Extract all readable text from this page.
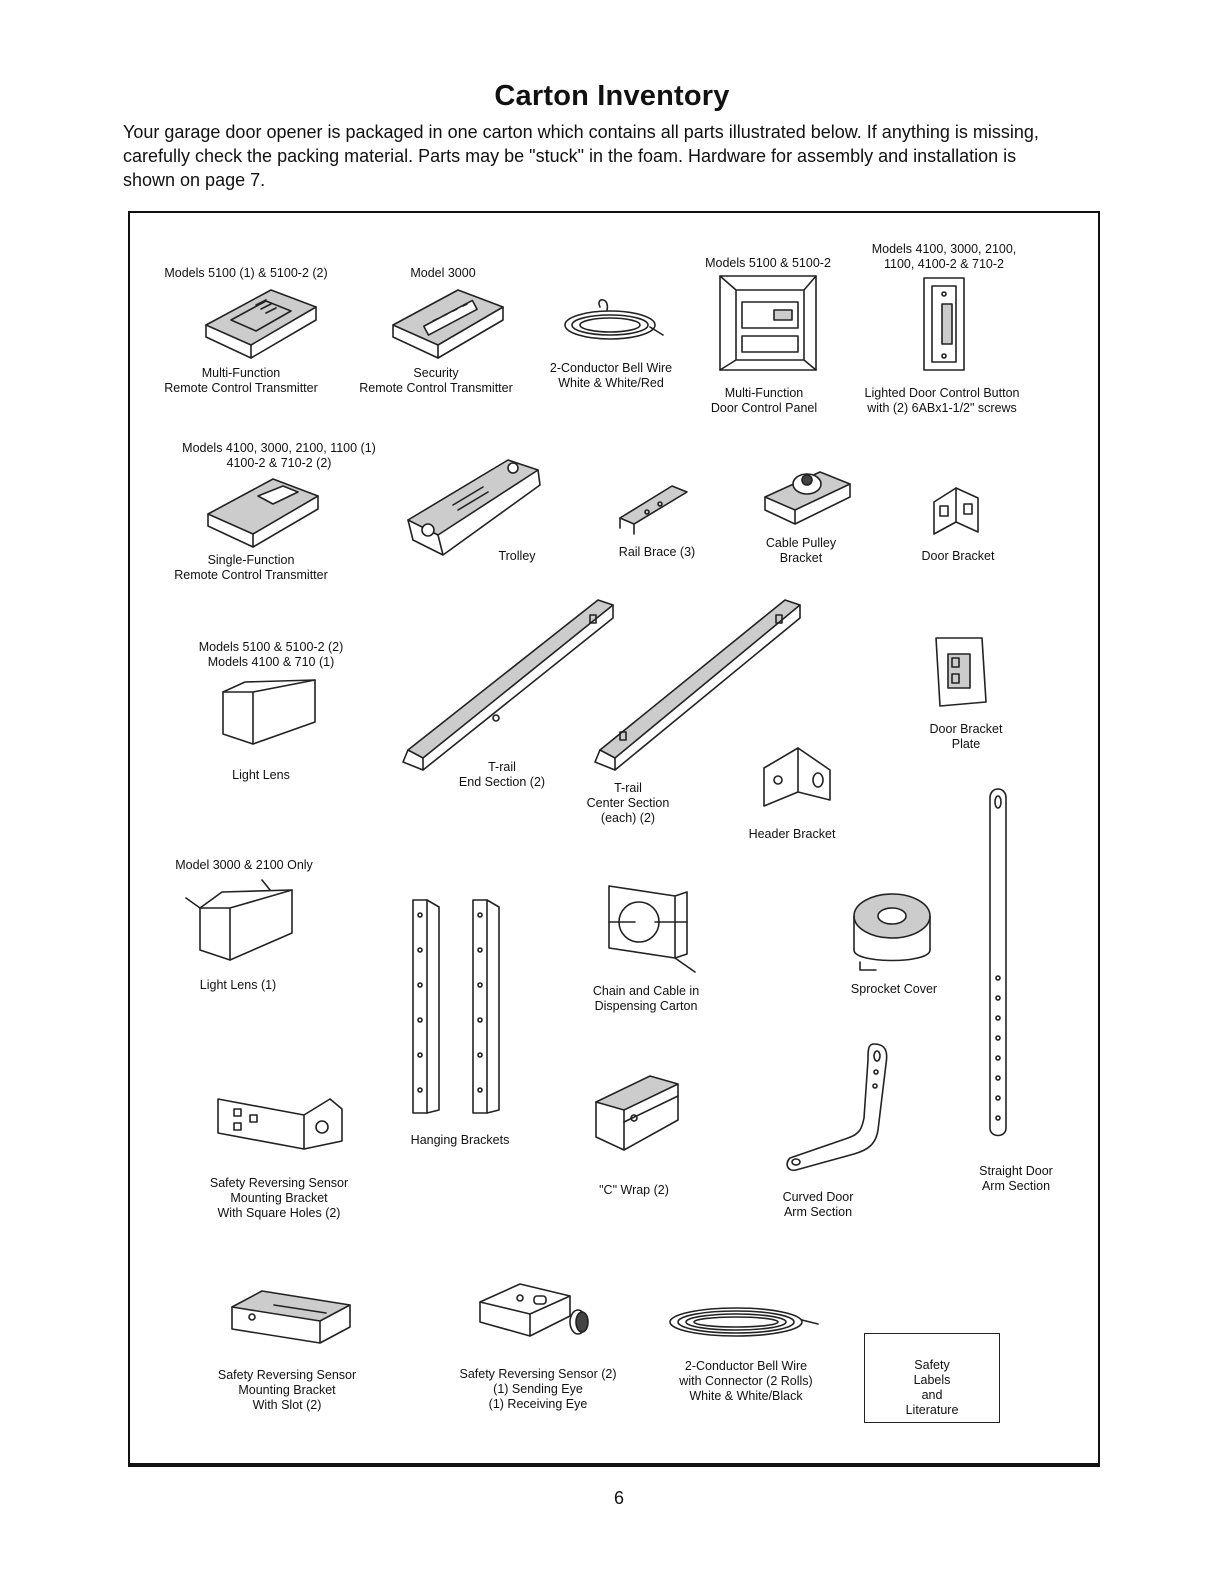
Carton Inventory
Your garage door opener is packaged in one carton which contains all parts illustrated below. If anything is missing, carefully check the packing material. Parts may be "stuck" in the foam. Hardware for assembly and installation is shown on page 7.
Models 5100 (1) & 5100-2 (2)
Multi-Function
Remote Control Transmitter
Model 3000
Security
Remote Control Transmitter
2-Conductor Bell Wire
White & White/Red
Models 5100 & 5100-2
Multi-Function
Door Control Panel
Models 4100, 3000, 2100,
1100, 4100-2 & 710-2
Lighted Door Control Button
with (2) 6ABx1-1/2" screws
Models 4100, 3000, 2100, 1100 (1)
4100-2 & 710-2 (2)
Single-Function
Remote Control Transmitter
Trolley	Rail Brace (3)
Cable Pulley
Bracket	Door Bracket
Models 5100 & 5100-2 (2)
Models 4100 & 710 (1)
Light Lens
T-rail
End Section (2)	T-rail
Center Section
(each) (2)
Header Bracket
Door Bracket
Plate
Model 3000 & 2100 Only
Light Lens (1)
Hanging Brackets
Chain and Cable in
Dispensing Carton
Sprocket Cover
Straight Door
Arm Section
Safety Reversing Sensor
Mounting Bracket
With Square Holes (2)
"C" Wrap (2)	Curved Door
Arm Section
Safety Reversing Sensor
Mounting Bracket
With Slot (2)
Safety Reversing Sensor (2)
(1) Sending Eye
(1) Receiving Eye
2-Conductor Bell Wire
with Connector (2 Rolls)
White & White/Black
Safety Labels
and
Literature
6
